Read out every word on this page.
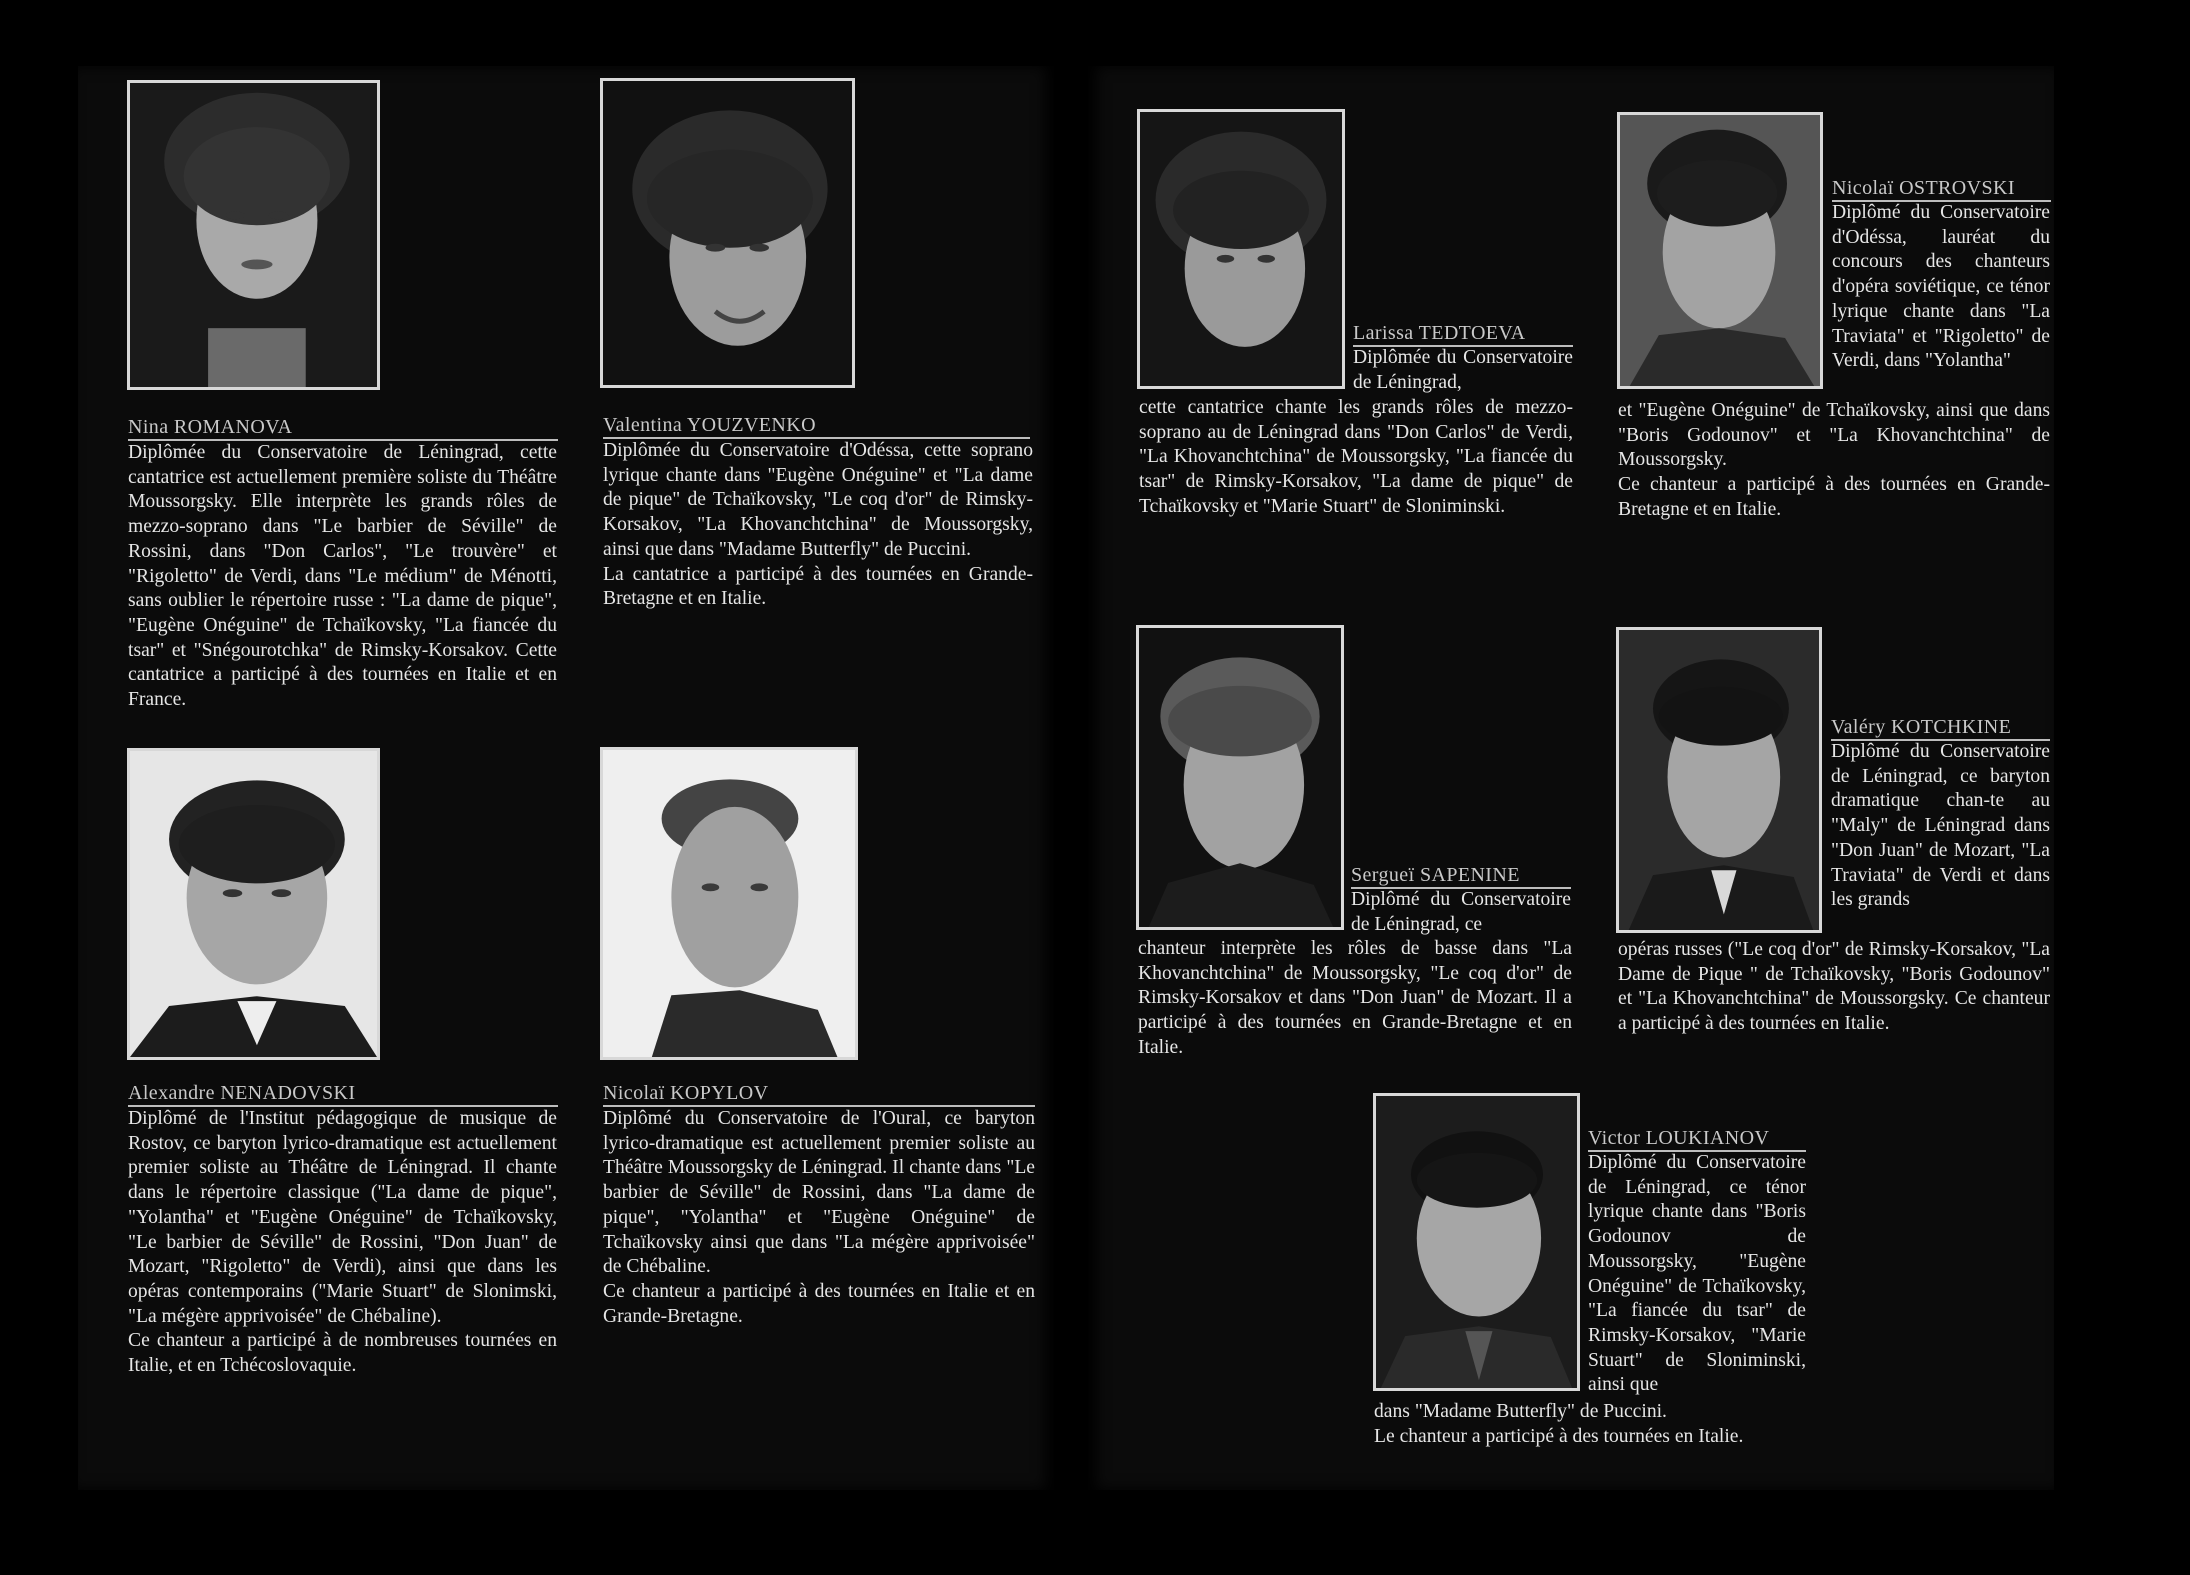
Nina ROMANOVA

Diplômée du Conservatoire de Léningrad, cette cantatrice est actuellement première soliste du Théâtre Moussorgsky. Elle interprète les grands rôles de mezzo-soprano dans "Le barbier de Séville" de Rossini, dans "Don Carlos", "Le trouvère" et "Rigoletto" de Verdi, dans "Le médium" de Ménotti, sans oublier le répertoire russe : "La dame de pique", "Eugène Onéguine" de Tchaïkovsky, "La fiancée du tsar" et "Snégourotchka" de Rimsky-Korsakov. Cette cantatrice a participé à des tournées en Italie et en France.

Valentina YOUZVENKO

Diplômée du Conservatoire d'Odéssa, cette soprano lyrique chante dans "Eugène Onéguine" et "La dame de pique" de Tchaïkovsky, "Le coq d'or" de Rimsky-Korsakov, "La Khovanchtchina" de Moussorgsky, ainsi que dans "Madame Butterfly" de Puccini.

La cantatrice a participé à des tournées en Grande-Bretagne et en Italie.

Alexandre NENADOVSKI

Diplômé de l'Institut pédagogique de musique de Rostov, ce baryton lyrico-dramatique est actuellement premier soliste au Théâtre de Léningrad. Il chante dans le répertoire classique ("La dame de pique", "Yolantha" et "Eugène Onéguine" de Tchaïkovsky, "Le barbier de Séville" de Rossini, "Don Juan" de Mozart, "Rigoletto" de Verdi), ainsi que dans les opéras contemporains ("Marie Stuart" de Slonimski, "La mégère apprivoisée" de Chébaline).

Ce chanteur a participé à de nombreuses tournées en Italie, et en Tchécoslovaquie.

Nicolaï KOPYLOV

Diplômé du Conservatoire de l'Oural, ce baryton lyrico-dramatique est actuellement premier soliste au Théâtre Moussorgsky de Léningrad. Il chante dans "Le barbier de Séville" de Rossini, dans "La dame de pique", "Yolantha" et "Eugène Onéguine" de Tchaïkovsky ainsi que dans "La mégère apprivoisée" de Chébaline.

Ce chanteur a participé à des tournées en Italie et en Grande-Bretagne.

Larissa TEDTOEVA

Diplômée du Conservatoire de Léningrad,

cette cantatrice chante les grands rôles de mezzo-soprano au de Léningrad dans "Don Carlos" de Verdi, "La Khovanchtchina" de Moussorgsky, "La fiancée du tsar" de Rimsky-Korsakov, "La dame de pique" de Tchaïkovsky et "Marie Stuart" de Sloniminski.

Nicolaï OSTROVSKI

Diplômé du Conservatoire d'Odéssa, lauréat du concours des chanteurs d'opéra soviétique, ce ténor lyrique chante dans "La Traviata" et "Rigoletto" de Verdi, dans "Yolantha"

et "Eugène Onéguine" de Tchaïkovsky, ainsi que dans "Boris Godounov" et "La Khovanchtchina" de Moussorgsky.

Ce chanteur a participé à des tournées en Grande-Bretagne et en Italie.

Sergueï SAPENINE

Diplômé du Conservatoire de Léningrad, ce

chanteur interprète les rôles de basse dans "La Khovanchtchina" de Moussorgsky, "Le coq d'or" de Rimsky-Korsakov et dans "Don Juan" de Mozart. Il a participé à des tournées en Grande-Bretagne et en Italie.

Valéry KOTCHKINE

Diplômé du Conservatoire de Léningrad, ce baryton dramatique chan-te au "Maly" de Léningrad dans "Don Juan" de Mozart, "La Traviata" de Verdi et dans les grands

opéras russes ("Le coq d'or" de Rimsky-Korsakov, "La Dame de Pique " de Tchaïkovsky, "Boris Godounov" et "La Khovanchtchina" de Moussorgsky. Ce chanteur a participé à des tournées en Italie.

Victor LOUKIANOV

Diplômé du Conservatoire de Léningrad, ce ténor lyrique chante dans "Boris Godounov de Moussorgsky, "Eugène Onéguine" de Tchaïkovsky, "La fiancée du tsar" de Rimsky-Korsakov, "Marie Stuart" de Sloniminski, ainsi que

dans "Madame Butterfly" de Puccini.

Le chanteur a participé à des tournées en Italie.
